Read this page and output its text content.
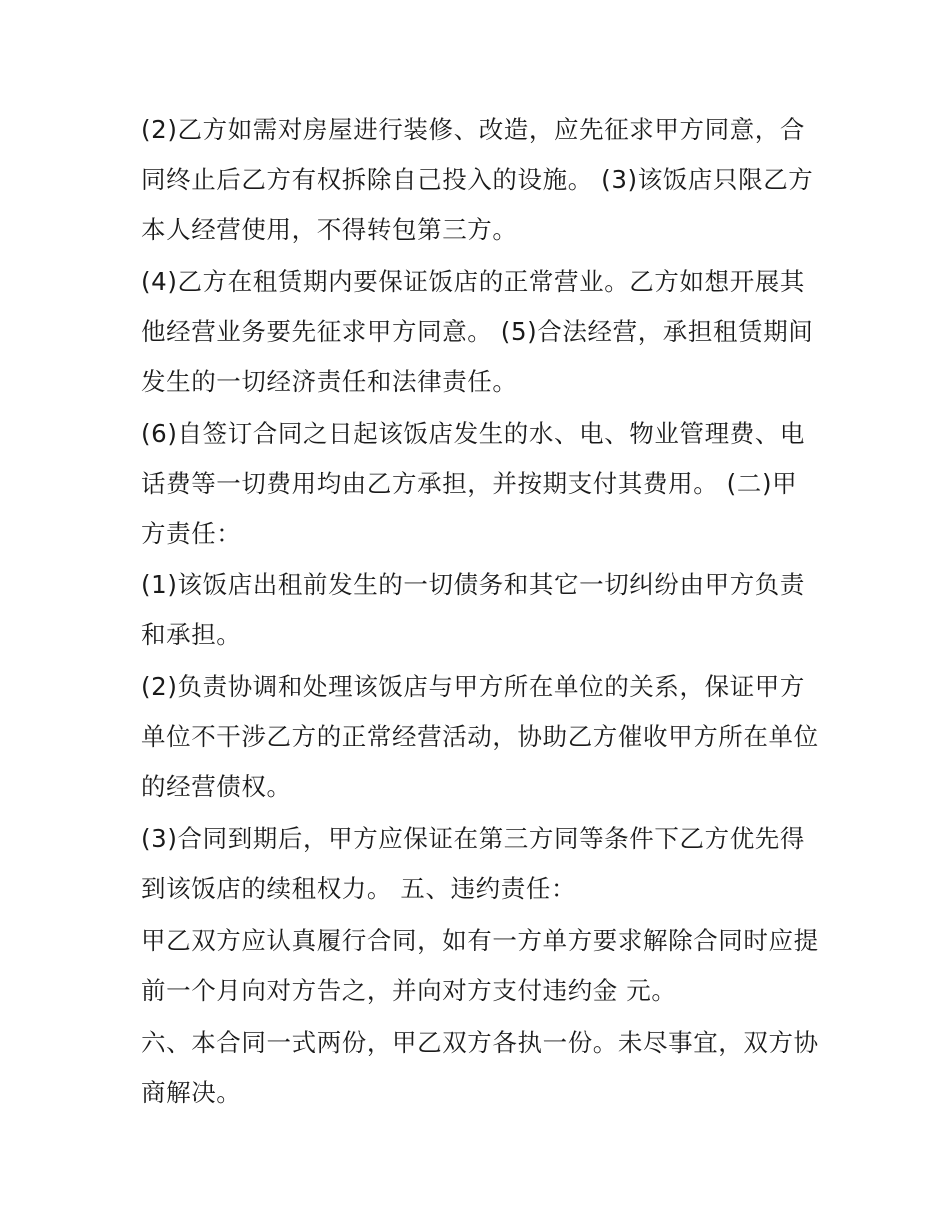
(2)乙方如需对房屋进行装修、改造，应先征求甲方同意，合
同终止后乙方有权拆除自己投入的设施。 (3)该饭店只限乙方
本人经营使用，不得转包第三方。
(4)乙方在租赁期内要保证饭店的正常营业。乙方如想开展其
他经营业务要先征求甲方同意。 (5)合法经营，承担租赁期间
发生的一切经济责任和法律责任。
(6)自签订合同之日起该饭店发生的水、电、物业管理费、电
话费等一切费用均由乙方承担，并按期支付其费用。 (二)甲
方责任：
(1)该饭店出租前发生的一切债务和其它一切纠纷由甲方负责
和承担。
(2)负责协调和处理该饭店与甲方所在单位的关系，保证甲方
单位不干涉乙方的正常经营活动，协助乙方催收甲方所在单位
的经营债权。
(3)合同到期后，甲方应保证在第三方同等条件下乙方优先得
到该饭店的续租权力。 五、违约责任：
甲乙双方应认真履行合同，如有一方单方要求解除合同时应提
前一个月向对方告之，并向对方支付违约金 元。
六、本合同一式两份，甲乙双方各执一份。未尽事宜，双方协
商解决。
